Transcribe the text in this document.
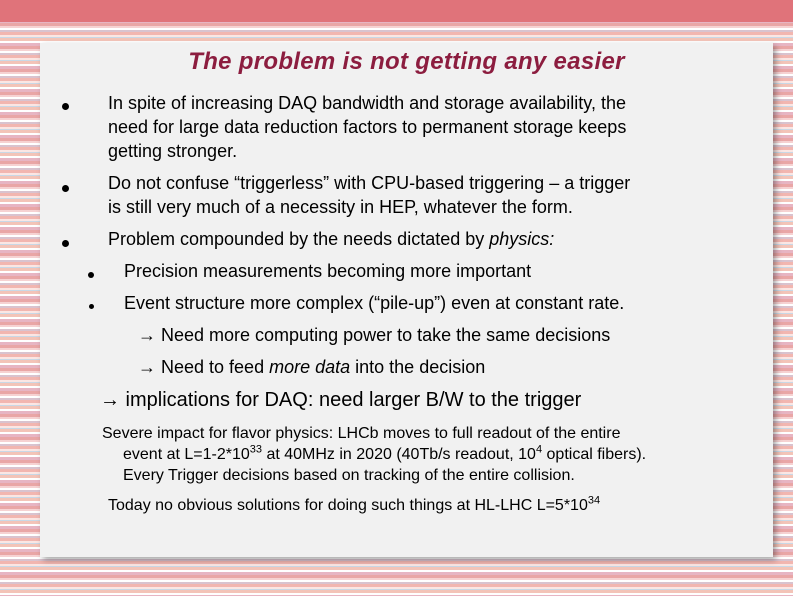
The problem is not getting any easier
In spite of increasing DAQ bandwidth and storage availability, the
need for large data reduction factors to permanent storage keeps
getting stronger.
Do not confuse “triggerless” with CPU-based triggering – a trigger
is still very much of a necessity in HEP, whatever the form.
Problem compounded by the needs dictated by physics:
Precision measurements becoming more important
Event structure more complex (“pile-up”) even at constant rate.
→ Need more computing power to take the same decisions
→ Need to feed more data into the decision
→ implications for DAQ: need larger B/W to the trigger
Severe impact for flavor physics: LHCb moves to full readout of the entire
event at $L=1-2*10^{33}$ at 40MHz in 2020 (40Tb/s readout, $10^4$ optical fibers).
Every Trigger decisions based on tracking of the entire collision.
Today no obvious solutions for doing such things at HL-LHC $L=5*10^{34}$
